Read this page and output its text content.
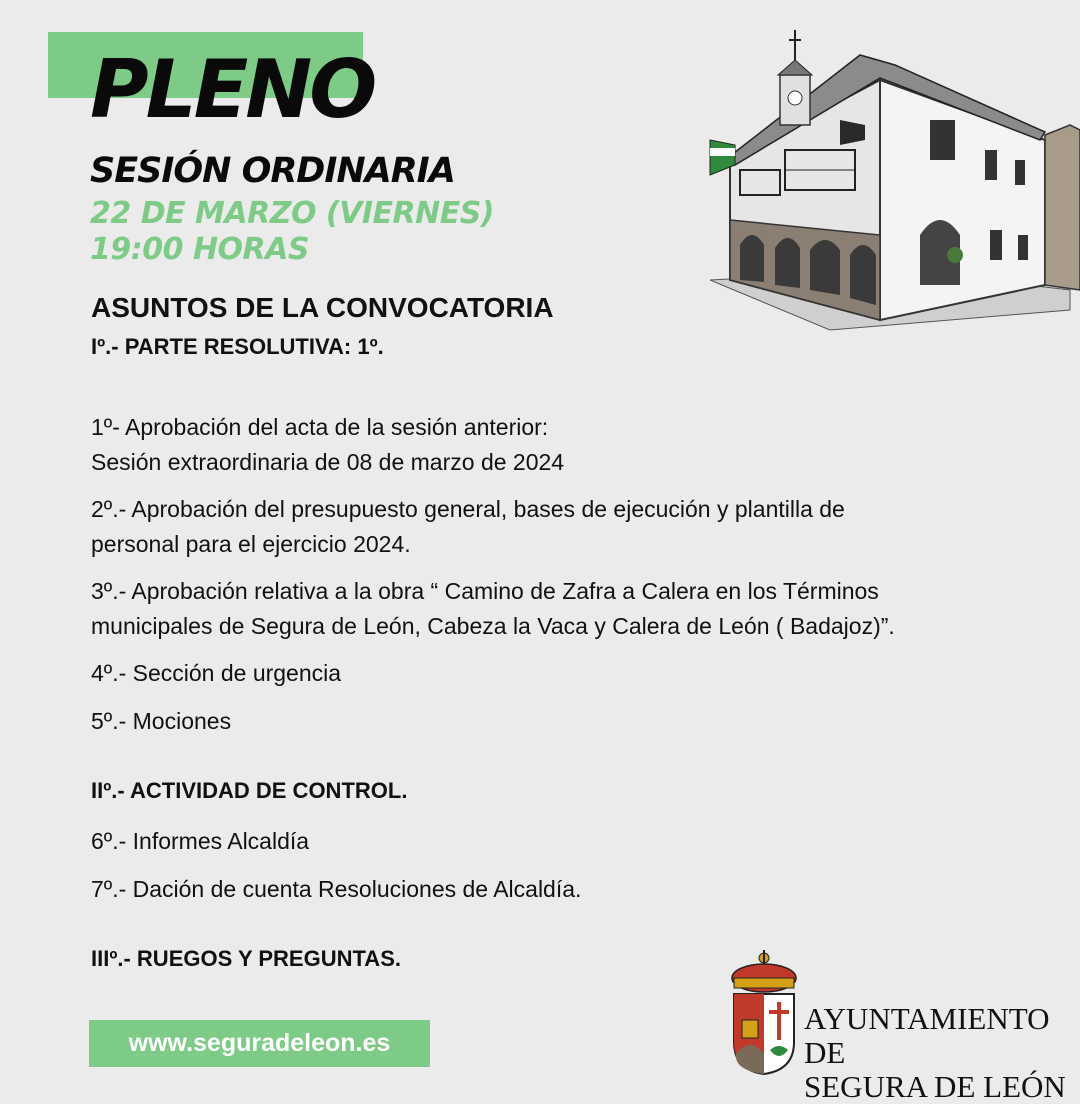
PLENO

SESIÓN ORDINARIA

22 DE MARZO (VIERNES)

19:00 HORAS

ASUNTOS DE LA CONVOCATORIA

Iº.- PARTE RESOLUTIVA: 1º.

1º- Aprobación del acta de la sesión anterior:
Sesión extraordinaria de 08 de marzo de 2024

2º.- Aprobación del presupuesto general, bases de ejecución y plantilla de
personal para el ejercicio 2024.

3º.- Aprobación relativa a la obra “ Camino de Zafra a Calera en los Términos
municipales de Segura de León, Cabeza la Vaca y Calera de León ( Badajoz)”.

4º.- Sección de urgencia

5º.- Mociones

IIº.- ACTIVIDAD DE CONTROL.

6º.- Informes Alcaldía

7º.- Dación de cuenta Resoluciones de Alcaldía.

IIIº.- RUEGOS Y PREGUNTAS.

www.seguradeleon.es
AYUNTAMIENTO DE
SEGURA DE LEÓN
